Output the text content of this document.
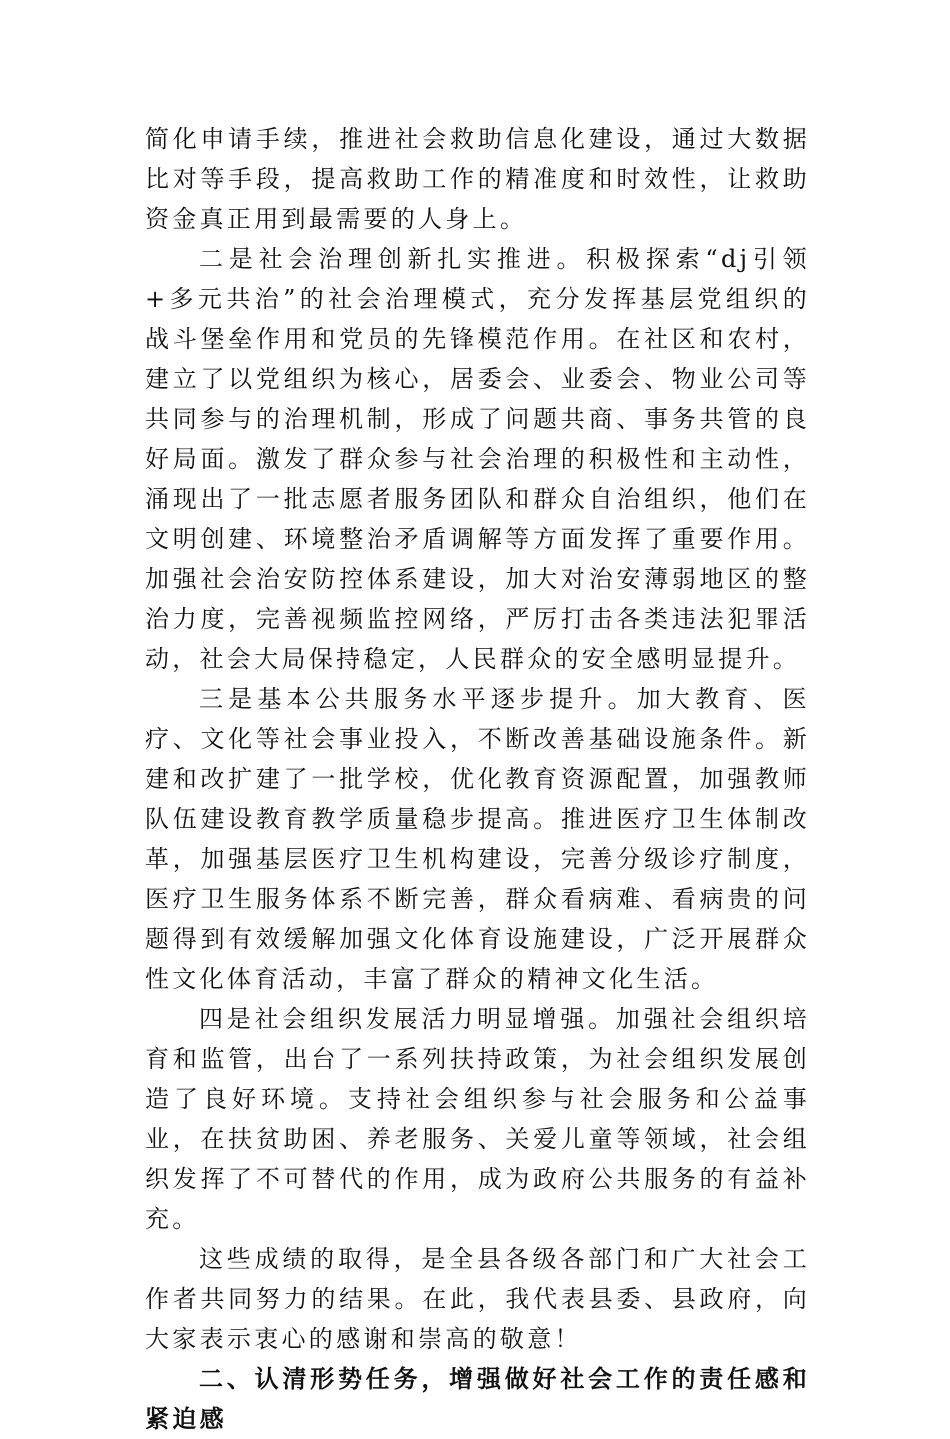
简化申请手续，推进社会救助信息化建设，通过大数据比对等手段，提高救助工作的精准度和时效性，让救助资金真正用到最需要的人身上。

二是社会治理创新扎实推进。积极探索“dj引领+多元共治”的社会治理模式，充分发挥基层党组织的战斗堡垒作用和党员的先锋模范作用。在社区和农村，建立了以党组织为核心，居委会、业委会、物业公司等共同参与的治理机制，形成了问题共商、事务共管的良好局面。激发了群众参与社会治理的积极性和主动性，涌现出了一批志愿者服务团队和群众自治组织，他们在文明创建、环境整治矛盾调解等方面发挥了重要作用。加强社会治安防控体系建设，加大对治安薄弱地区的整治力度，完善视频监控网络，严厉打击各类违法犯罪活动，社会大局保持稳定，人民群众的安全感明显提升。

三是基本公共服务水平逐步提升。加大教育、医疗、文化等社会事业投入，不断改善基础设施条件。新建和改扩建了一批学校，优化教育资源配置，加强教师队伍建设教育教学质量稳步提高。推进医疗卫生体制改革，加强基层医疗卫生机构建设，完善分级诊疗制度，医疗卫生服务体系不断完善，群众看病难、看病贵的问题得到有效缓解加强文化体育设施建设，广泛开展群众性文化体育活动，丰富了群众的精神文化生活。

四是社会组织发展活力明显增强。加强社会组织培育和监管，出台了一系列扶持政策，为社会组织发展创造了良好环境。支持社会组织参与社会服务和公益事业，在扶贫助困、养老服务、关爱儿童等领域，社会组织发挥了不可替代的作用，成为政府公共服务的有益补充。

这些成绩的取得，是全县各级各部门和广大社会工作者共同努力的结果。在此，我代表县委、县政府，向大家表示衷心的感谢和崇高的敬意！

二、认清形势任务，增强做好社会工作的责任感和紧迫感
